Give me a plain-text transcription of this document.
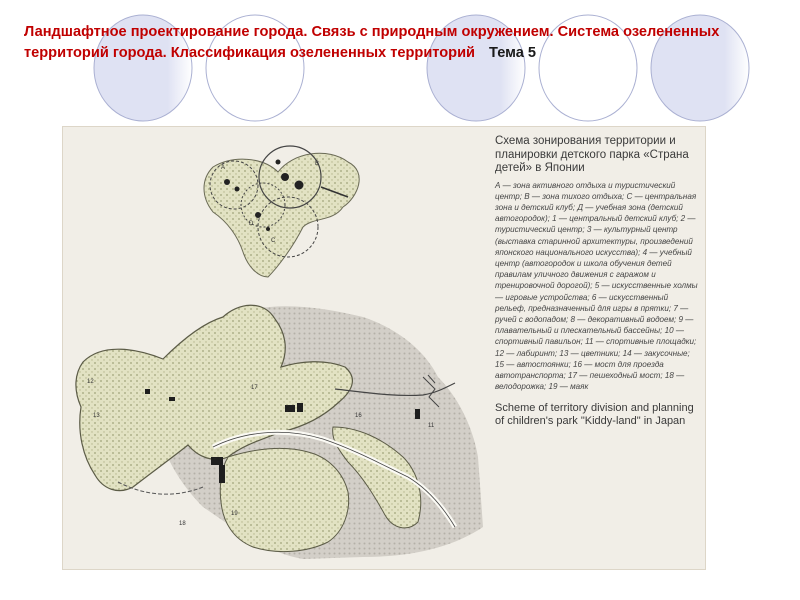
Ландшафтное проектирование города. Связь с природным окружением. Система озелененных территорий города. Классификация озелененных территорий Тема 5
A
B
C
D
12
13
17
18
19
16
11

Схема зонирования территории и планировки детского парка «Страна детей» в Японии

А — зона активного отдыха и туристический центр; В — зона тихого отдыха; С — центральная зона и детский клуб; Д — учебная зона (детский автогородок); 1 — центральный детский клуб; 2 — туристический центр; 3 — культурный центр (выставка старинной архитектуры, произведений японского национального искусства); 4 — учебный центр (автогородок и школа обучения детей правилам уличного движения с гаражом и тренировочной дорогой); 5 — искусственные холмы — игровые устройства; 6 — искусственный рельеф, предназначенный для игры в прятки; 7 — ручей с водопадом; 8 — декоративный водоем; 9 — плавательный и плескательный бассейны; 10 — спортивный павильон; 11 — спортивные площадки; 12 — лабиринт; 13 — цветники; 14 — закусочные; 15 — автостоянки; 16 — мост для проезда автотранспорта; 17 — пешеходный мост; 18 — велодорожка; 19 — маяк

Scheme of territory division and planning of children's park "Kiddy-land" in Japan
